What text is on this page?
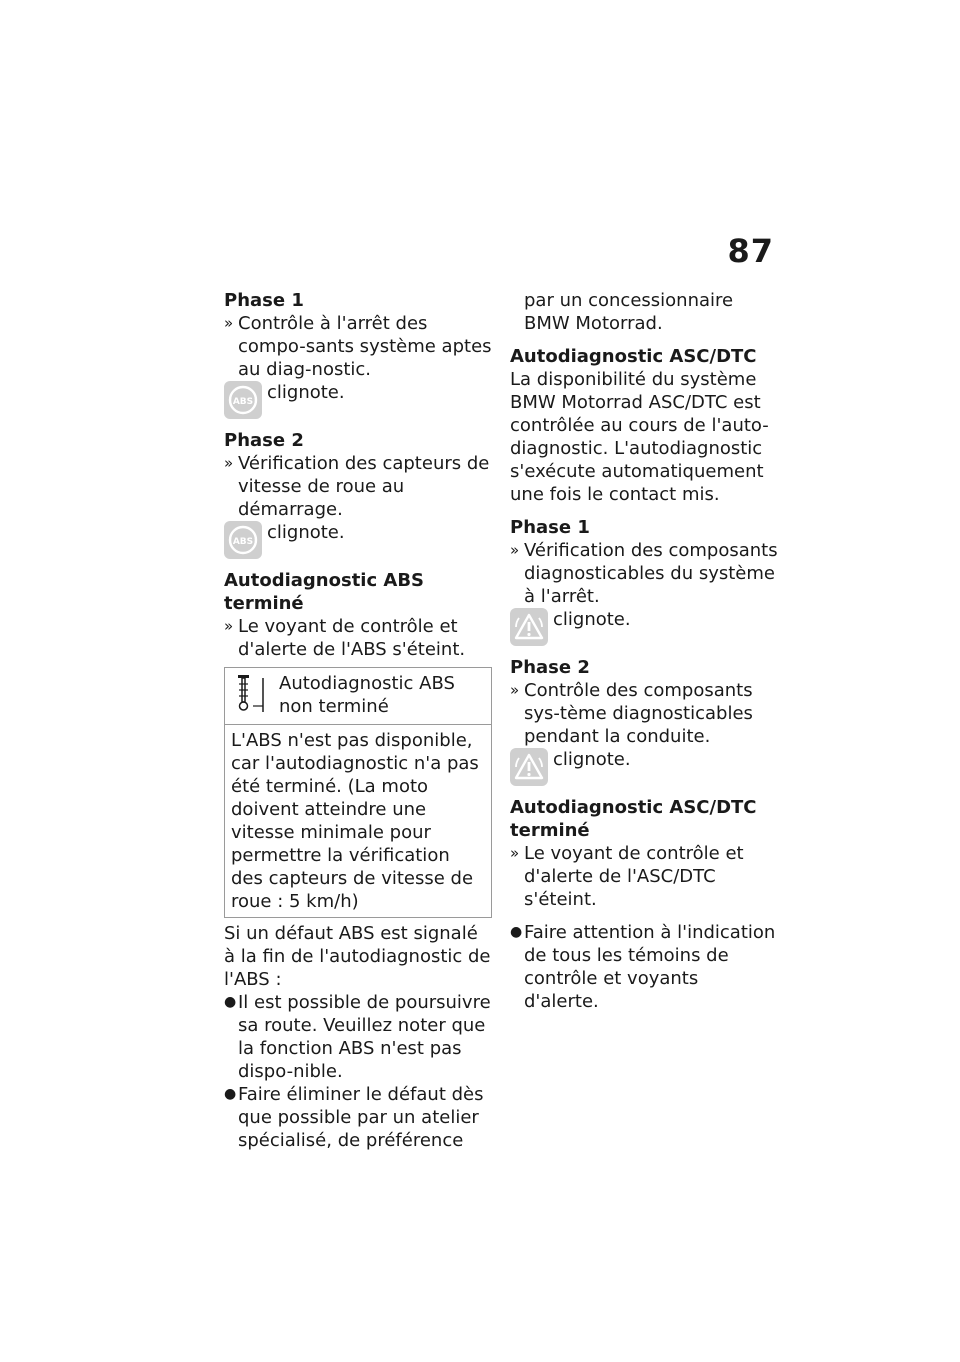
87

Phase 1

» Contrôle à l'arrêt des compo-sants système aptes au diag-nostic.

ABS clignote.

Phase 2

» Vérification des capteurs de vitesse de roue au démarrage.

ABS clignote.

Autodiagnostic ABS terminé

» Le voyant de contrôle et d'alerte de l'ABS s'éteint.

Autodiagnostic ABS non terminé
L'ABS n'est pas disponible, car l'autodiagnostic n'a pas été terminé. (La moto doivent atteindre une vitesse minimale pour permettre la vérification des capteurs de vitesse de roue : 5 km/h)

Si un défaut ABS est signalé à la fin de l'autodiagnostic de l'ABS :

● Il est possible de poursuivre sa route. Veuillez noter que la fonction ABS n'est pas dispo-nible.

● Faire éliminer le défaut dès que possible par un atelier spécialisé, de préférence

par un concessionnaire BMW Motorrad.

Autodiagnostic ASC/DTC

La disponibilité du système BMW Motorrad ASC/DTC est contrôlée au cours de l'auto-diagnostic. L'autodiagnostic s'exécute automatiquement une fois le contact mis.

Phase 1

» Vérification des composants diagnosticables du système à l'arrêt.

clignote.

Phase 2

» Contrôle des composants sys-tème diagnosticables pendant la conduite.

clignote.

Autodiagnostic ASC/DTC terminé

» Le voyant de contrôle et d'alerte de l'ASC/DTC s'éteint.

● Faire attention à l'indication de tous les témoins de contrôle et voyants d'alerte.
